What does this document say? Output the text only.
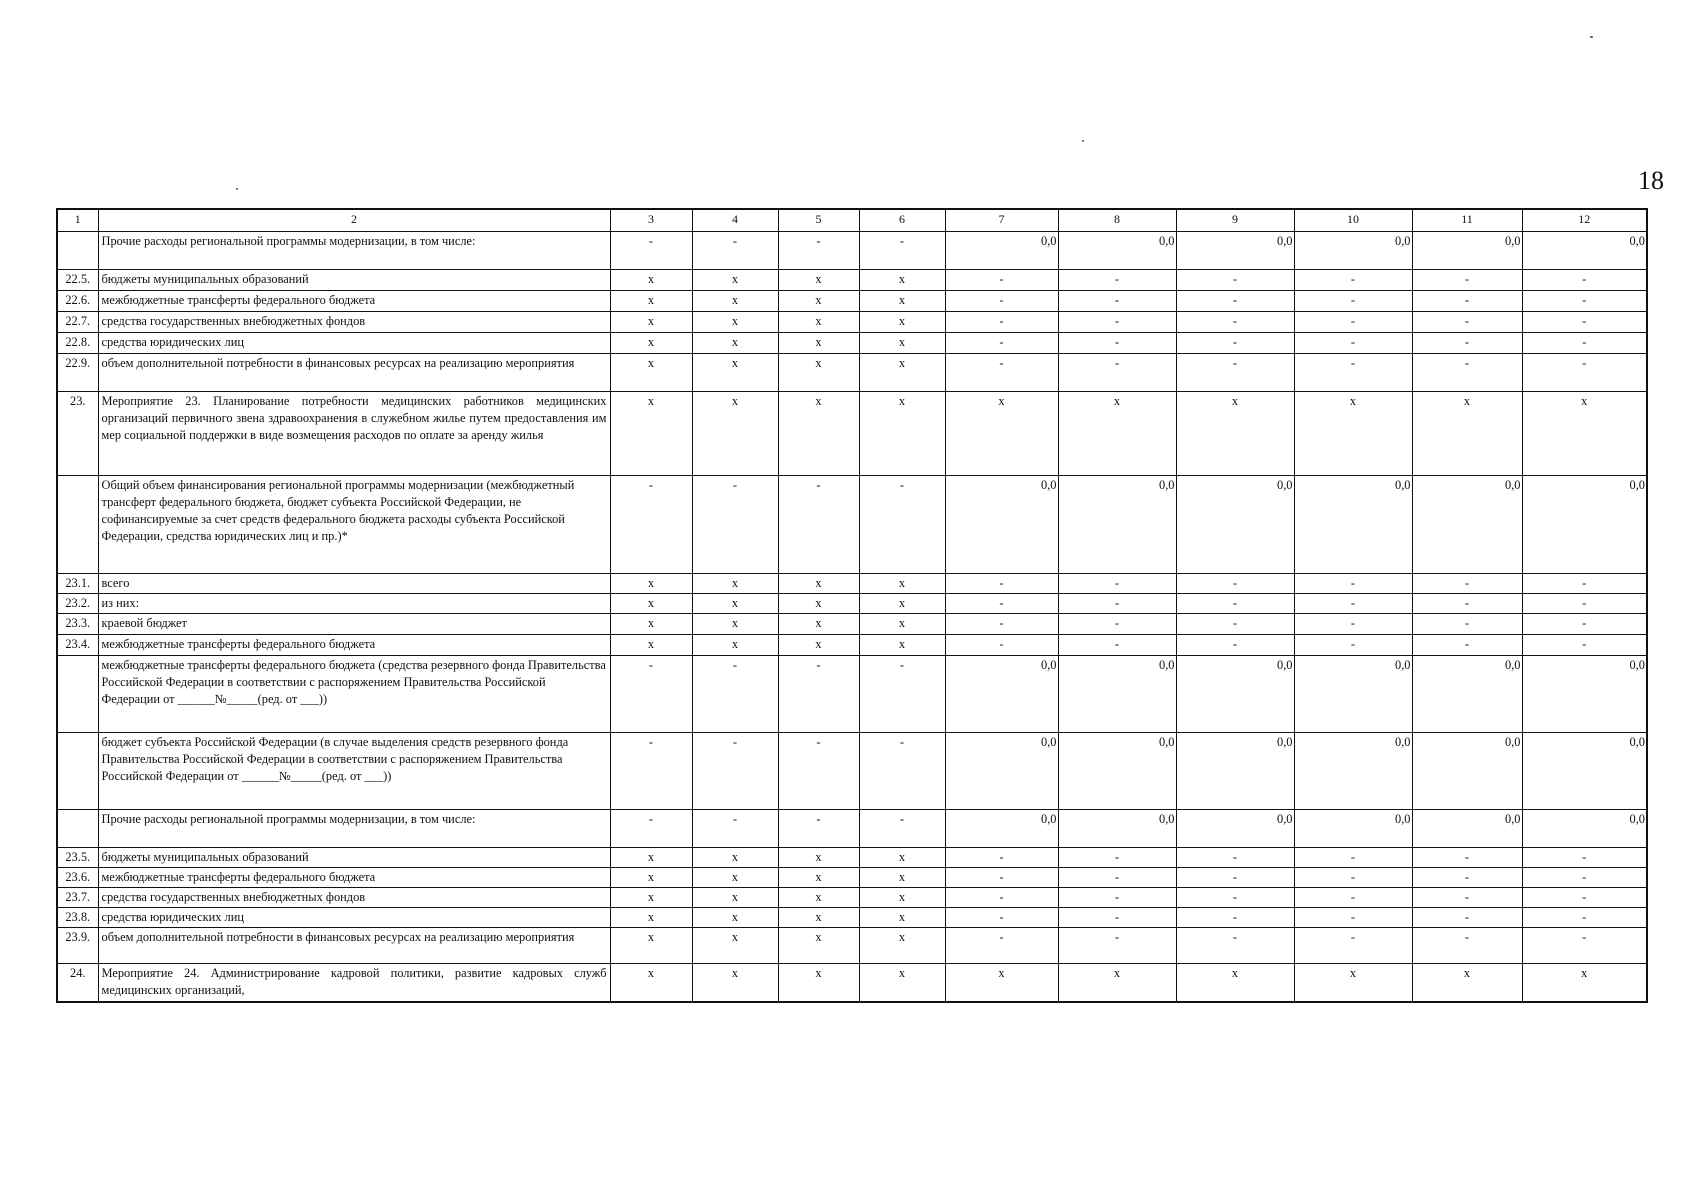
18
1	2	3	4	5	6	7	8	9	10	11	12
	Прочие расходы региональной программы модернизации, в том числе:	-	-	-	-	0,0	0,0	0,0	0,0	0,0	0,0
22.5.	бюджеты муниципальных образований	x	x	x	x	-	-	-	-	-	-
22.6.	межбюджетные трансферты федерального бюджета	x	x	x	x	-	-	-	-	-	-
22.7.	средства государственных внебюджетных фондов	x	x	x	x	-	-	-	-	-	-
22.8.	средства юридических лиц	x	x	x	x	-	-	-	-	-	-
22.9.	объем дополнительной потребности в финансовых ресурсах на реализацию мероприятия	x	x	x	x	-	-	-	-	-	-
23.	Мероприятие 23. Планирование потребности медицинских работников медицинских организаций первичного звена здравоохранения в служебном жилье путем предоставления им мер социальной поддержки в виде возмещения расходов по оплате за аренду жилья	x	x	x	x	x	x	x	x	x	x
	Общий объем финансирования региональной программы модернизации (межбюджетный трансферт федерального бюджета, бюджет субъекта Российской Федерации, не софинансируемые за счет средств федерального бюджета расходы субъекта Российской Федерации, средства юридических лиц и пр.)*	-	-	-	-	0,0	0,0	0,0	0,0	0,0	0,0
23.1.	всего	x	x	x	x	-	-	-	-	-	-
23.2.	из них:	x	x	x	x	-	-	-	-	-	-
23.3.	краевой бюджет	x	x	x	x	-	-	-	-	-	-
23.4.	межбюджетные трансферты федерального бюджета	x	x	x	x	-	-	-	-	-	-
	межбюджетные трансферты федерального бюджета (средства резервного фонда Правительства Российской Федерации в соответствии с распоряжением Правительства Российской Федерации от ______№_____(ред. от ___))	-	-	-	-	0,0	0,0	0,0	0,0	0,0	0,0
	бюджет субъекта Российской Федерации (в случае выделения средств резервного фонда Правительства Российской Федерации в соответствии с распоряжением Правительства Российской Федерации от ______№_____(ред. от ___))	-	-	-	-	0,0	0,0	0,0	0,0	0,0	0,0
	Прочие расходы региональной программы модернизации, в том числе:	-	-	-	-	0,0	0,0	0,0	0,0	0,0	0,0
23.5.	бюджеты муниципальных образований	x	x	x	x	-	-	-	-	-	-
23.6.	межбюджетные трансферты федерального бюджета	x	x	x	x	-	-	-	-	-	-
23.7.	средства государственных внебюджетных фондов	x	x	x	x	-	-	-	-	-	-
23.8.	средства юридических лиц	x	x	x	x	-	-	-	-	-	-
23.9.	объем дополнительной потребности в финансовых ресурсах на реализацию мероприятия	x	x	x	x	-	-	-	-	-	-
24.	Мероприятие 24. Администрирование кадровой политики, развитие кадровых служб медицинских организаций,	x	x	x	x	x	x	x	x	x	x
